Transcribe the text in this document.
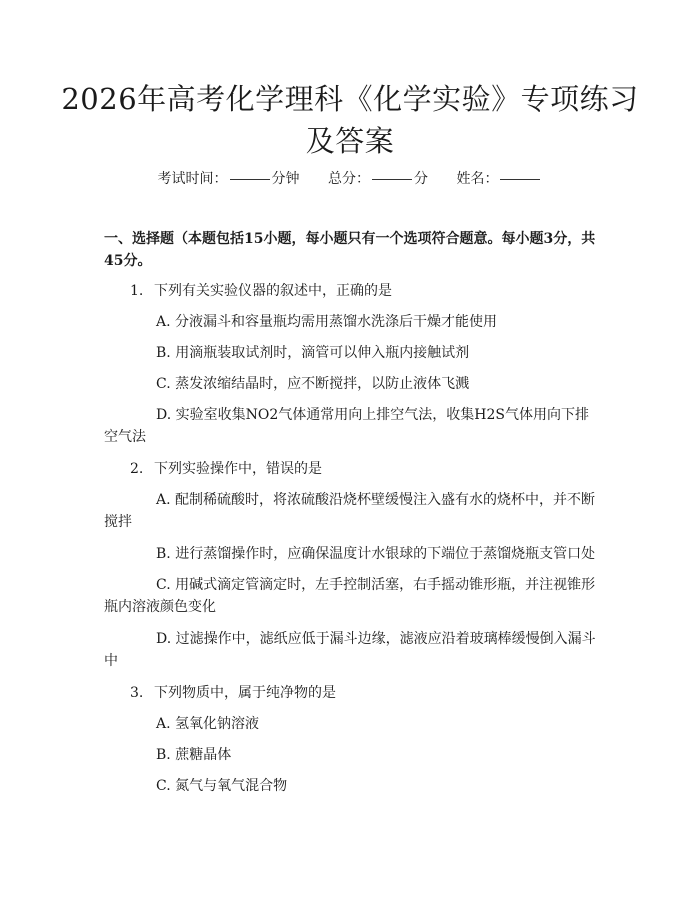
2026年高考化学理科《化学实验》专项练习
及答案
考试时间：	分钟 总分：	分 姓名：
一、选择题（本题包括15小题，每小题只有一个选项符合题意。每小题3分，共45分。
1. 下列有关实验仪器的叙述中，正确的是
A. 分液漏斗和容量瓶均需用蒸馏水洗涤后干燥才能使用
B. 用滴瓶装取试剂时，滴管可以伸入瓶内接触试剂
C. 蒸发浓缩结晶时，应不断搅拌，以防止液体飞溅
D. 实验室收集NO2气体通常用向上排空气法，收集H2S气体用向下排空气法
2. 下列实验操作中，错误的是
A. 配制稀硫酸时，将浓硫酸沿烧杯壁缓慢注入盛有水的烧杯中，并不断搅拌
B. 进行蒸馏操作时，应确保温度计水银球的下端位于蒸馏烧瓶支管口处
C. 用碱式滴定管滴定时，左手控制活塞，右手摇动锥形瓶，并注视锥形瓶内溶液颜色变化
D. 过滤操作中，滤纸应低于漏斗边缘，滤液应沿着玻璃棒缓慢倒入漏斗中
3. 下列物质中，属于纯净物的是
A. 氢氧化钠溶液
B. 蔗糖晶体
C. 氮气与氧气混合物
